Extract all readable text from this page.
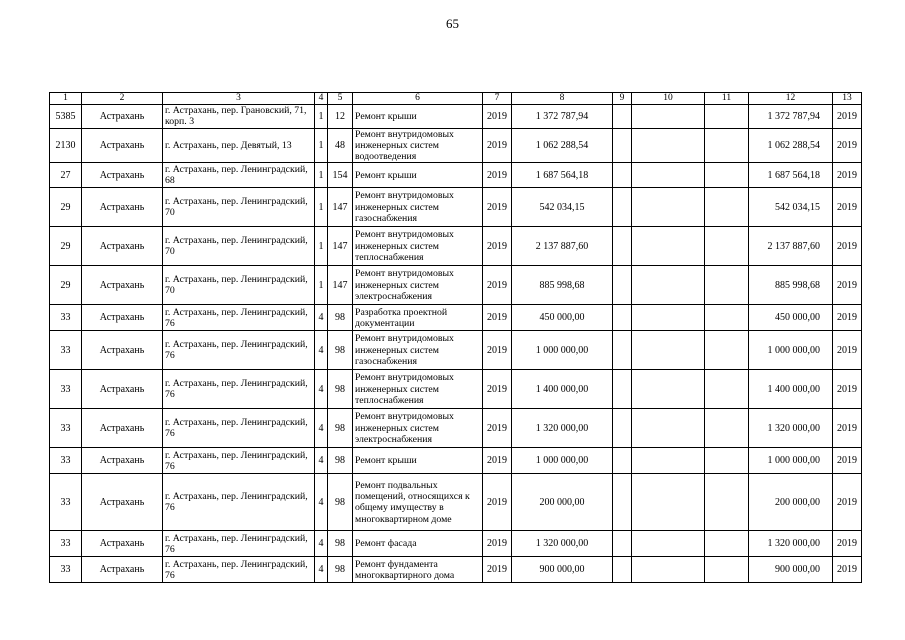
65
1	2	3	4	5	6	7	8	9	10	11	12	13
5385	Астрахань	г. Астрахань, пер. Грановский, 71, корп. 3	1	12	Ремонт крыши	2019	1 372 787,94				1 372 787,94	2019
2130	Астрахань	г. Астрахань, пер. Девятый, 13	1	48	Ремонт внутридомовых инженерных систем водоотведения	2019	1 062 288,54				1 062 288,54	2019
27	Астрахань	г. Астрахань, пер. Ленинградский, 68	1	154	Ремонт крыши	2019	1 687 564,18				1 687 564,18	2019
29	Астрахань	г. Астрахань, пер. Ленинградский, 70	1	147	Ремонт внутридомовых инженерных систем газоснабжения	2019	542 034,15				542 034,15	2019
29	Астрахань	г. Астрахань, пер. Ленинградский, 70	1	147	Ремонт внутридомовых инженерных систем теплоснабжения	2019	2 137 887,60				2 137 887,60	2019
29	Астрахань	г. Астрахань, пер. Ленинградский, 70	1	147	Ремонт внутридомовых инженерных систем электроснабжения	2019	885 998,68				885 998,68	2019
33	Астрахань	г. Астрахань, пер. Ленинградский, 76	4	98	Разработка проектной документации	2019	450 000,00				450 000,00	2019
33	Астрахань	г. Астрахань, пер. Ленинградский, 76	4	98	Ремонт внутридомовых инженерных систем газоснабжения	2019	1 000 000,00				1 000 000,00	2019
33	Астрахань	г. Астрахань, пер. Ленинградский, 76	4	98	Ремонт внутридомовых инженерных систем теплоснабжения	2019	1 400 000,00				1 400 000,00	2019
33	Астрахань	г. Астрахань, пер. Ленинградский, 76	4	98	Ремонт внутридомовых инженерных систем электроснабжения	2019	1 320 000,00				1 320 000,00	2019
33	Астрахань	г. Астрахань, пер. Ленинградский, 76	4	98	Ремонт крыши	2019	1 000 000,00				1 000 000,00	2019
33	Астрахань	г. Астрахань, пер. Ленинградский, 76	4	98	Ремонт подвальных помещений, относящихся к общему имуществу в многоквартирном доме	2019	200 000,00				200 000,00	2019
33	Астрахань	г. Астрахань, пер. Ленинградский, 76	4	98	Ремонт фасада	2019	1 320 000,00				1 320 000,00	2019
33	Астрахань	г. Астрахань, пер. Ленинградский, 76	4	98	Ремонт фундамента многоквартирного дома	2019	900 000,00				900 000,00	2019
